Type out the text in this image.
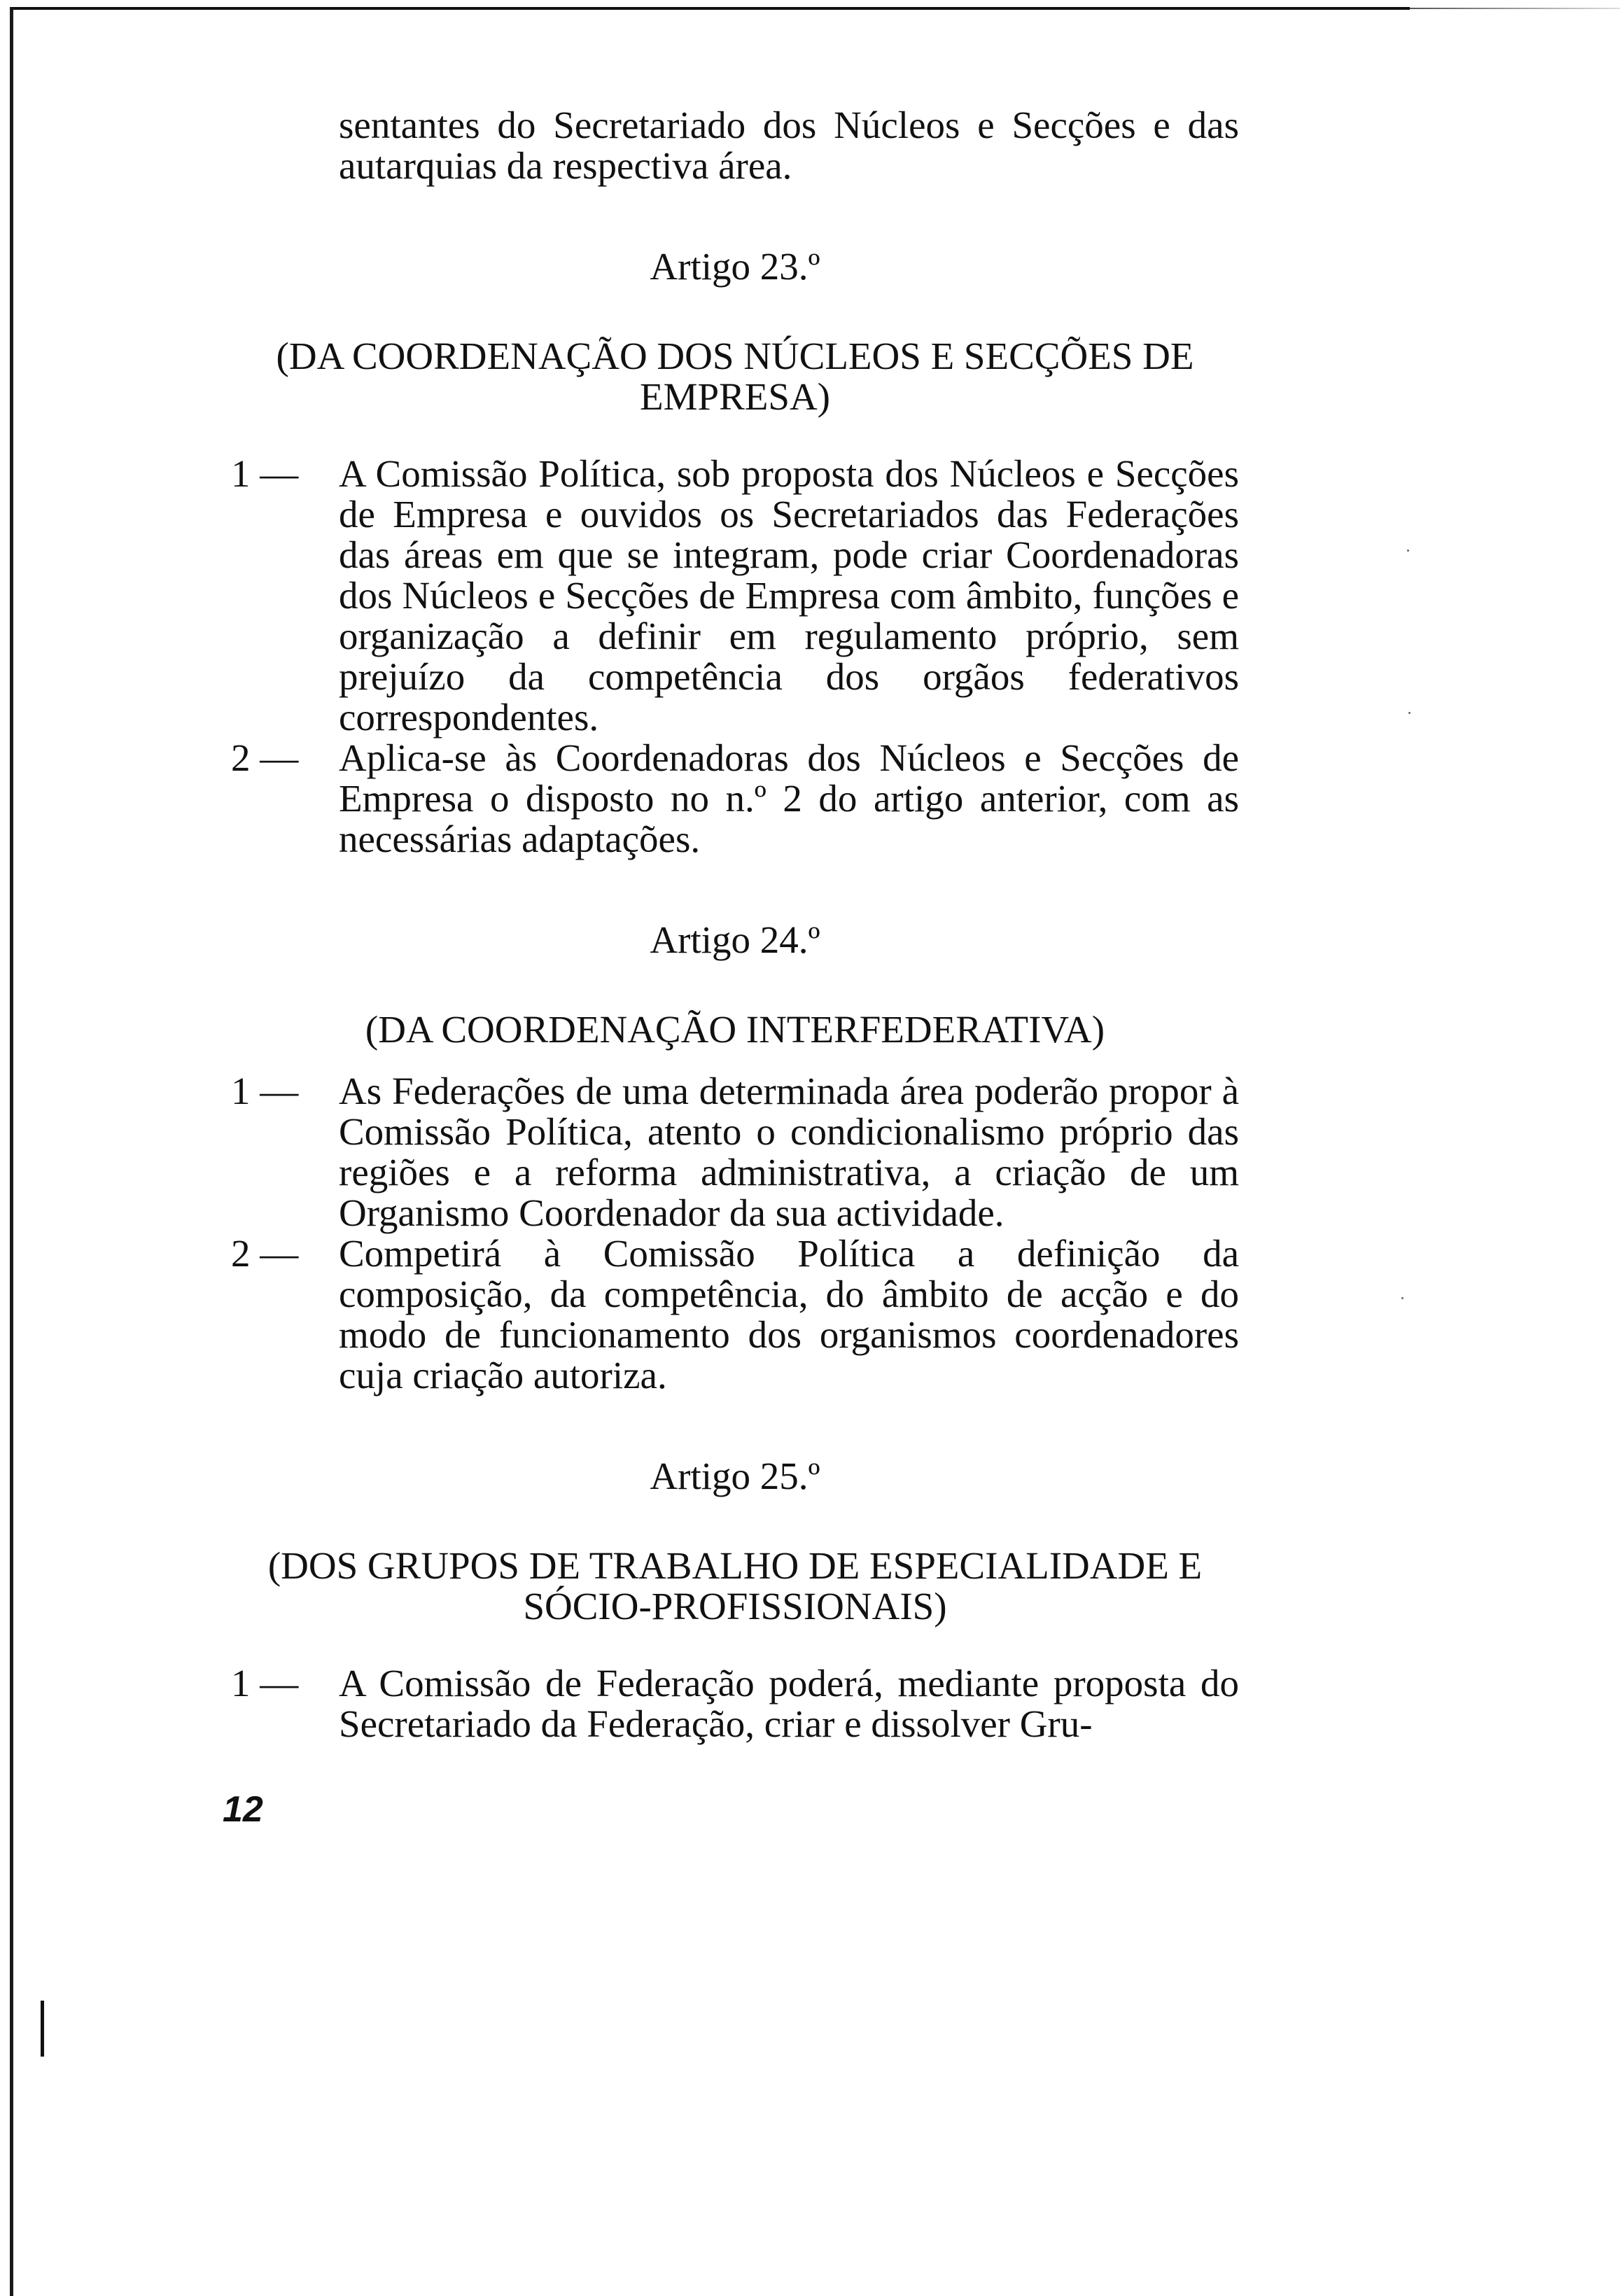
sentantes do Secretariado dos Núcleos e Secções e das autarquias da respectiva área.
Artigo 23.º
(DA COORDENAÇÃO DOS NÚCLEOS E SECÇÕES DE EMPRESA)
1 — A Comissão Política, sob proposta dos Núcleos e Secções de Empresa e ouvidos os Secretariados das Federações das áreas em que se integram, pode criar Coordenadoras dos Núcleos e Secções de Empresa com âmbito, funções e organização a definir em regulamento próprio, sem prejuízo da competência dos orgãos federativos correspondentes.
2 — Aplica-se às Coordenadoras dos Núcleos e Secções de Empresa o disposto no n.º 2 do artigo anterior, com as necessárias adaptações.
Artigo 24.º
(DA COORDENAÇÃO INTERFEDERATIVA)
1 — As Federações de uma determinada área poderão propor à Comissão Política, atento o condicionalismo próprio das regiões e a reforma administrativa, a criação de um Organismo Coordenador da sua actividade.
2 — Competirá à Comissão Política a definição da composição, da competência, do âmbito de acção e do modo de funcionamento dos organismos coordenadores cuja criação autoriza.
Artigo 25.º
(DOS GRUPOS DE TRABALHO DE ESPECIALIDADE E SÓCIO-PROFISSIONAIS)
1 — A Comissão de Federação poderá, mediante proposta do Secretariado da Federação, criar e dissolver Gru-
12
